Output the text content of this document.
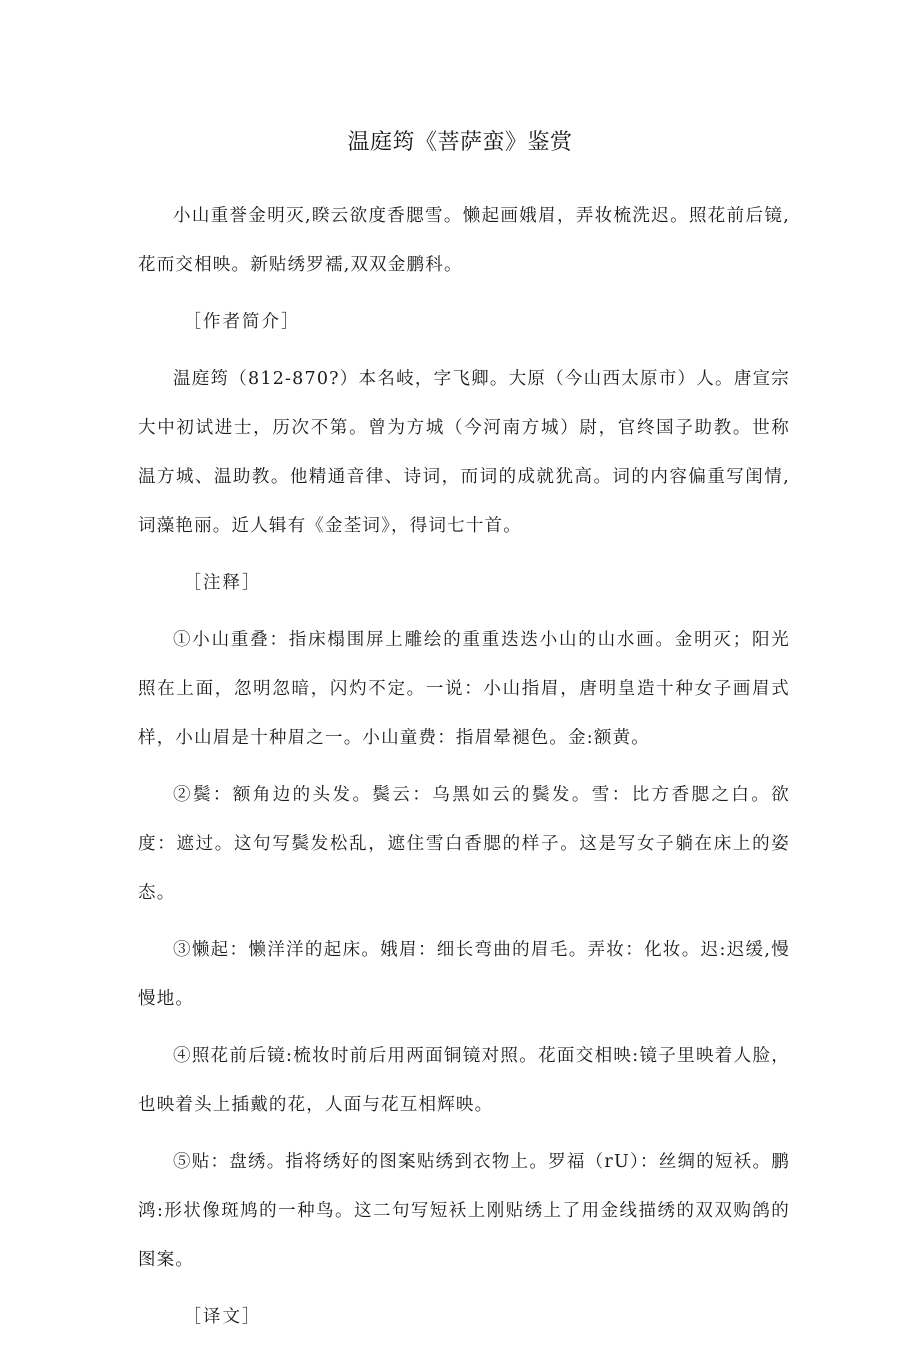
温庭筠《菩萨蛮》鉴赏

小山重誉金明灭,睽云欲度香腮雪。懒起画娥眉，弄妆梳洗迟。照花前后镜,花而交相映。新贴绣罗襦,双双金鹏科。

［作者简介］

温庭筠（812-870?）本名岐，字飞卿。大原（今山西太原市）人。唐宣宗大中初试进士，历次不第。曾为方城（今河南方城）尉，官终国子助教。世称温方城、温助教。他精通音律、诗词，而词的成就犹高。词的内容偏重写闺情,词藻艳丽。近人辑有《金荃词》，得词七十首。

［注释］

①小山重叠：指床榻围屏上雕绘的重重迭迭小山的山水画。金明灭；阳光照在上面，忽明忽暗，闪灼不定。一说：小山指眉，唐明皇造十种女子画眉式样，小山眉是十种眉之一。小山童费：指眉晕褪色。金:额黄。

②鬓：额角边的头发。鬓云：乌黑如云的鬓发。雪：比方香腮之白。欲度：遮过。这句写鬓发松乱，遮住雪白香腮的样子。这是写女子躺在床上的姿态。

③懒起：懒洋洋的起床。娥眉：细长弯曲的眉毛。弄妆：化妆。迟:迟缓,慢慢地。

④照花前后镜:梳妆时前后用两面铜镜对照。花面交相映:镜子里映着人脸，也映着头上插戴的花，人面与花互相辉映。

⑤贴：盘绣。指将绣好的图案贴绣到衣物上。罗福（rU）：丝绸的短袄。鹏鸿:形状像斑鸠的一种鸟。这二句写短袄上刚贴绣上了用金线描绣的双双购鸽的图案。

［译文］
